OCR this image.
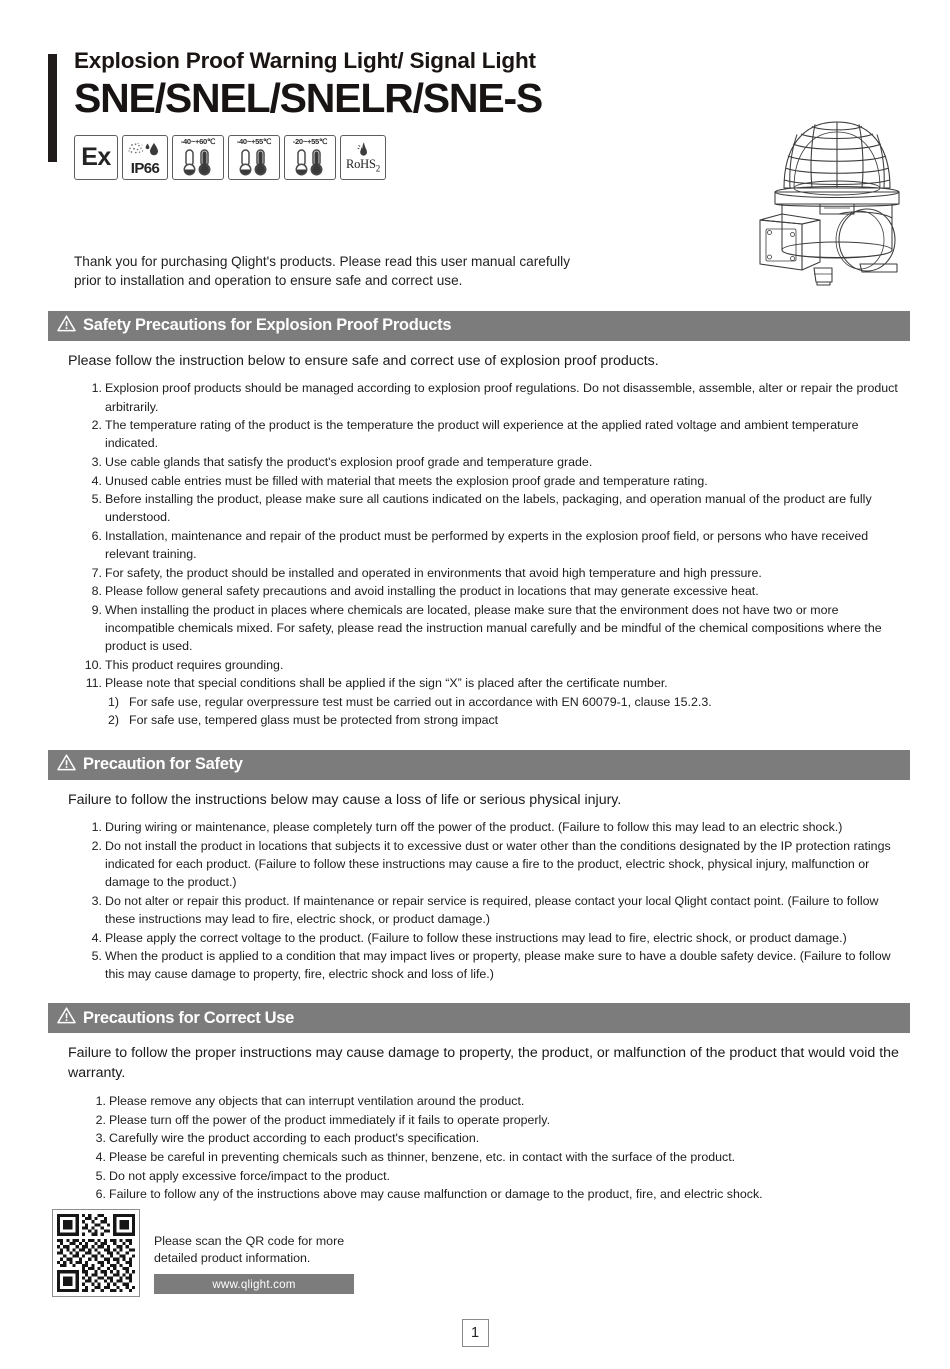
Explosion Proof Warning Light/ Signal Light
SNE/SNEL/SNELR/SNE-S
Ex IP66
-40~+60℃	-40~+55℃	-20~+55℃
RoHS$_2$

Thank you for purchasing Qlight's products. Please read this user manual carefully prior to installation and operation to ensure safe and correct use.

Safety Precautions for Explosion Proof Products

Please follow the instruction below to ensure safe and correct use of explosion proof products.

1. Explosion proof products should be managed according to explosion proof regulations. Do not disassemble, assemble, alter or repair the product arbitrarily.
2. The temperature rating of the product is the temperature the product will experience at the applied rated voltage and ambient temperature indicated.
3. Use cable glands that satisfy the product's explosion proof grade and temperature grade.
4. Unused cable entries must be filled with material that meets the explosion proof grade and temperature rating.
5. Before installing the product, please make sure all cautions indicated on the labels, packaging, and operation manual of the product are fully understood.
6. Installation, maintenance and repair of the product must be performed by experts in the explosion proof field, or persons who have received relevant training.
7. For safety, the product should be installed and operated in environments that avoid high temperature and high pressure.
8. Please follow general safety precautions and avoid installing the product in locations that may generate excessive heat.
9. When installing the product in places where chemicals are located, please make sure that the environment does not have two or more incompatible chemicals mixed. For safety, please read the instruction manual carefully and be mindful of the chemical compositions where the product is used.
10. This product requires grounding.
11. Please note that special conditions shall be applied if the sign “X” is placed after the certificate number.
1) For safe use, regular overpressure test must be carried out in accordance with EN 60079-1, clause 15.2.3.
2) For safe use, tempered glass must be protected from strong impact
Precaution for Safety

Failure to follow the instructions below may cause a loss of life or serious physical injury.

1. During wiring or maintenance, please completely turn off the power of the product. (Failure to follow this may lead to an electric shock.)
2. Do not install the product in locations that subjects it to excessive dust or water other than the conditions designated by the IP protection ratings indicated for each product. (Failure to follow these instructions may cause a fire to the product, electric shock, physical injury, malfunction or damage to the product.)
3. Do not alter or repair this product. If maintenance or repair service is required, please contact your local Qlight contact point. (Failure to follow these instructions may lead to fire, electric shock, or product damage.)
4. Please apply the correct voltage to the product. (Failure to follow these instructions may lead to fire, electric shock, or product damage.)
5. When the product is applied to a condition that may impact lives or property, please make sure to have a double safety device. (Failure to follow this may cause damage to property, fire, electric shock and loss of life.)
Precautions for Correct Use

Failure to follow the proper instructions may cause damage to property, the product, or malfunction of the product that would void the warranty.

1. Please remove any objects that can interrupt ventilation around the product.
2. Please turn off the power of the product immediately if it fails to operate properly.
3. Carefully wire the product according to each product's specification.
4. Please be careful in preventing chemicals such as thinner, benzene, etc. in contact with the surface of the product.
5. Do not apply excessive force/impact to the product.
6. Failure to follow any of the instructions above may cause malfunction or damage to the product, fire, and electric shock.

Please scan the QR code for more

detailed product information.

www.qlight.com
1
